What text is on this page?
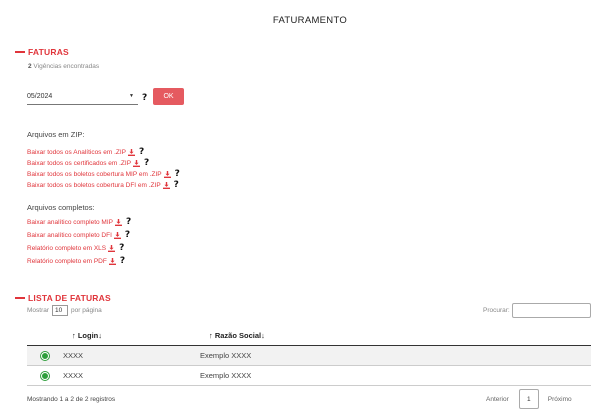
FATURAMENTO
FATURAS
2 Vigências encontradas
05/2024	▼ ?	OK
Arquivos em ZIP:
Baixar todos os Analíticos em .ZIP ?
Baixar todos os certificados em .ZIP ?
Baixar todos os boletos cobertura MIP em .ZIP ?
Baixar todos os boletos cobertura DFI em .ZIP ?
Arquivos completos:
Baixar analítico completo MIP ?
Baixar analítico completo DFI ?
Relatório completo em XLS ?
Relatório completo em PDF ?
LISTA DE FATURAS
Mostrar
10	por página	Procurar:
↑ Login↓	↑ Razão Social↓
XXXX	Exemplo XXXX
XXXX	Exemplo XXXX
Mostrando 1 a 2 de 2 registros	Anterior	1	Próximo
